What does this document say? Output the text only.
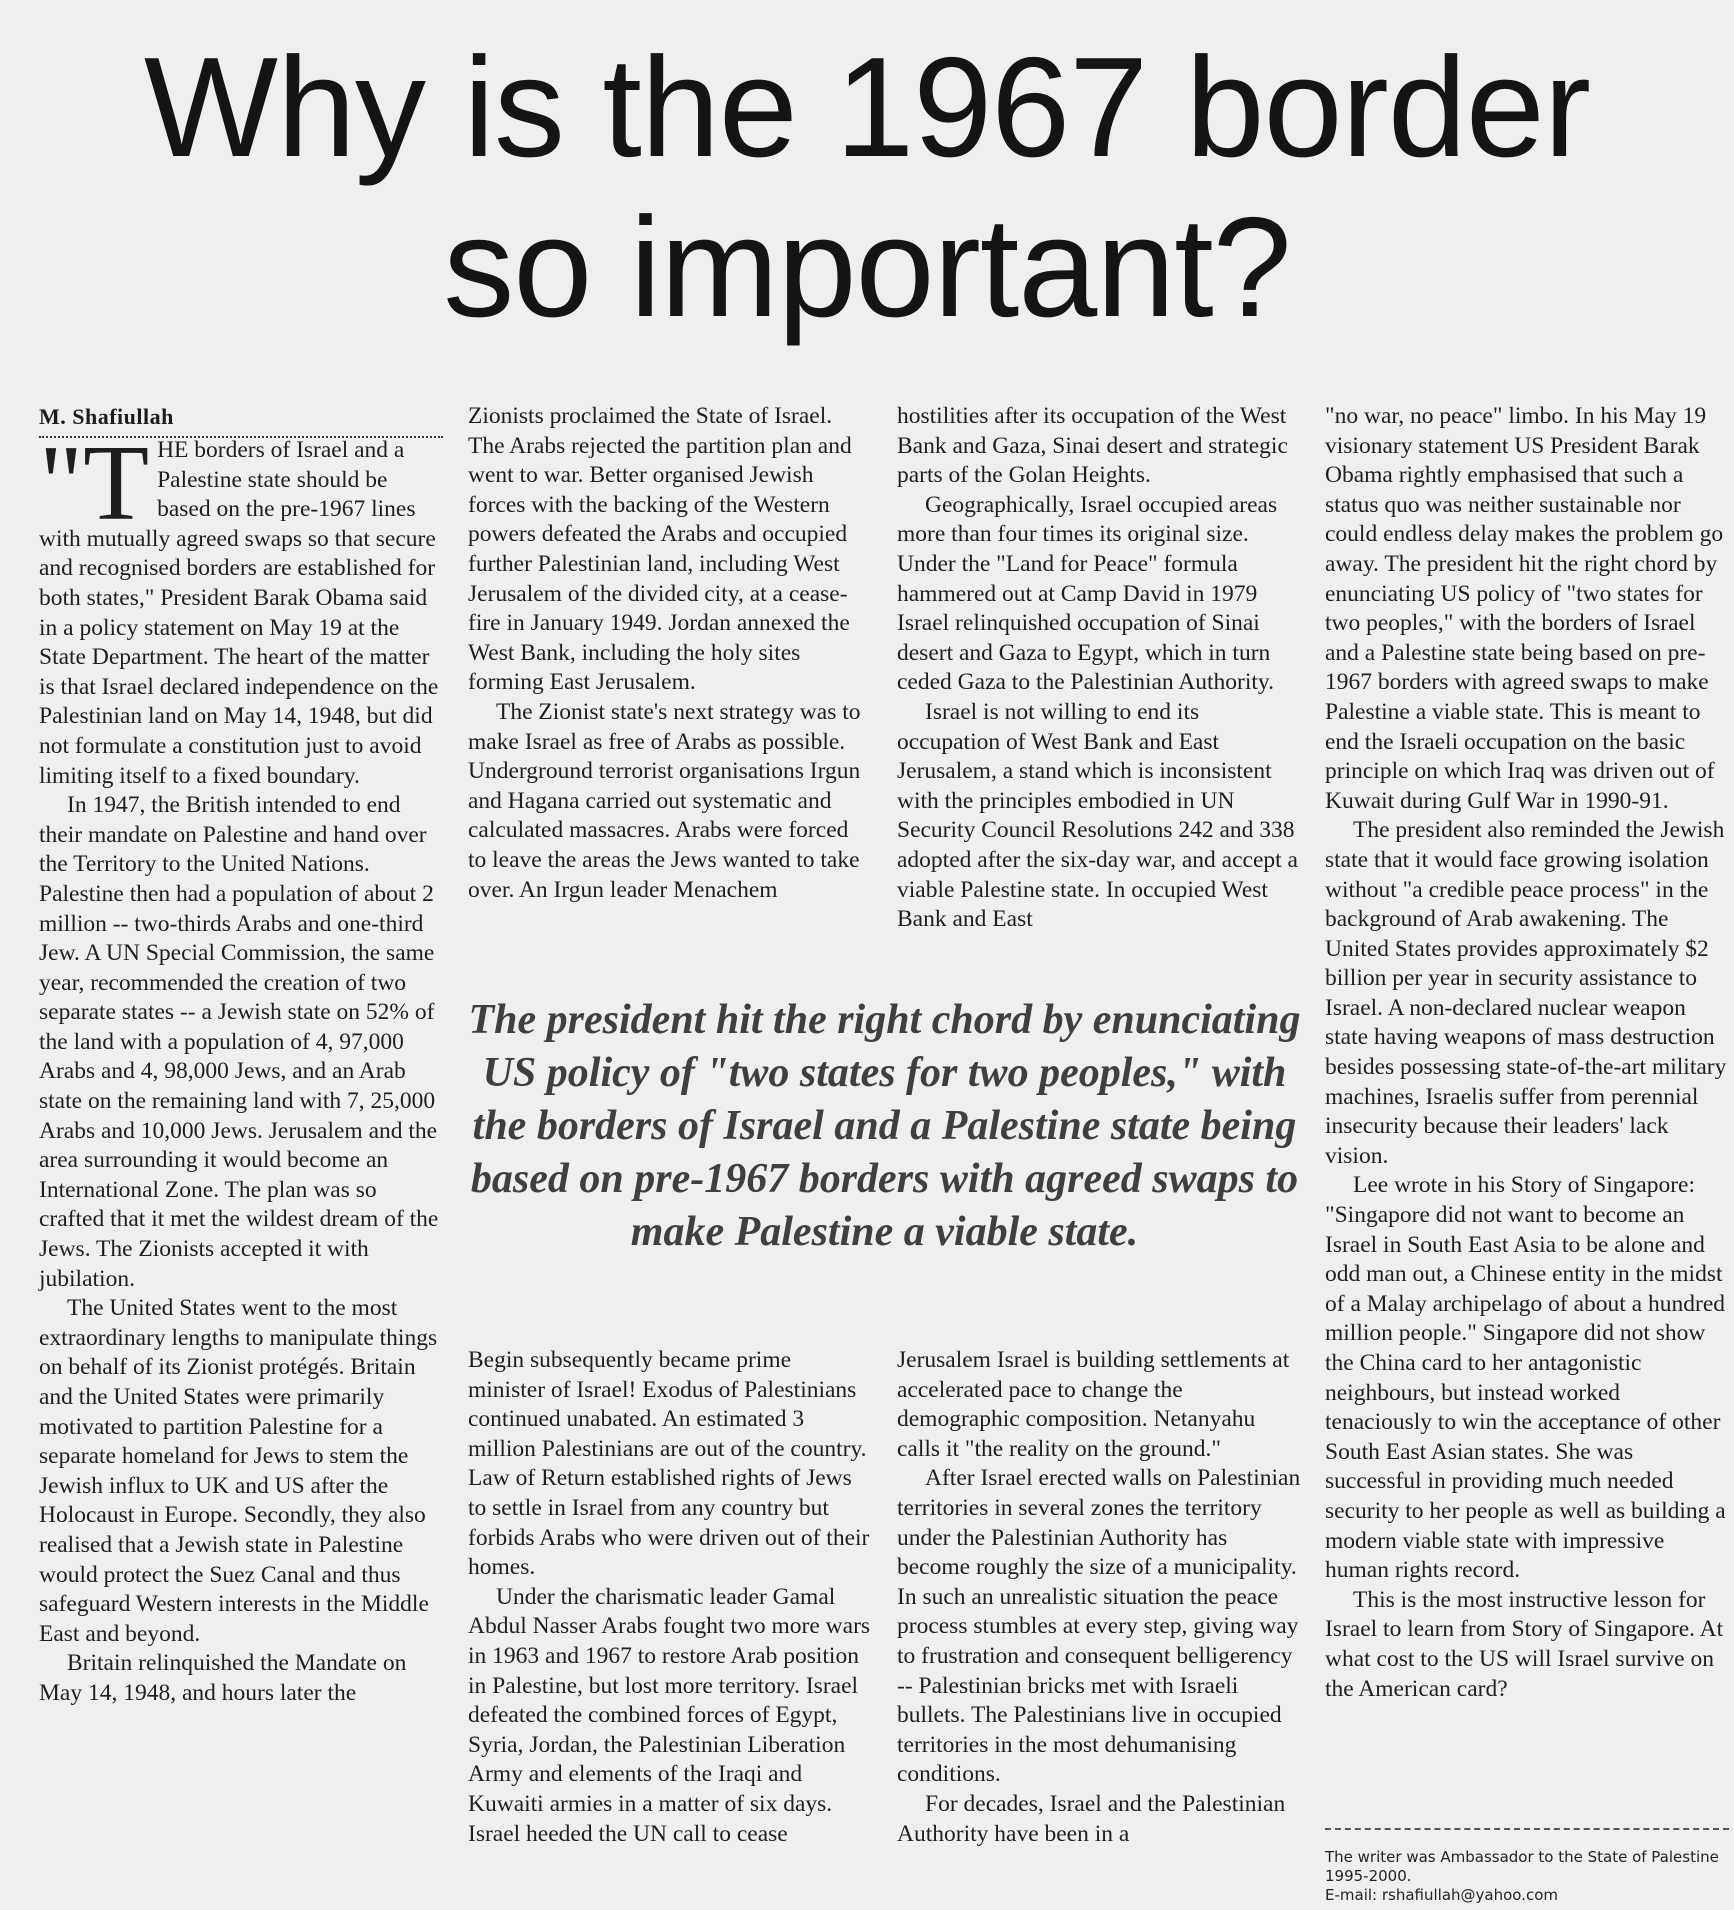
Why is the 1967 border
so important?
M. Shafiullah

"THE borders of Israel and a Palestine state should be based on the pre-1967 lines with mutually agreed swaps so that secure and recognised borders are established for both states," President Barak Obama said in a policy statement on May 19 at the State Department. The heart of the matter is that Israel declared independence on the Palestinian land on May 14, 1948, but did not formulate a constitution just to avoid limiting itself to a fixed boundary.

In 1947, the British intended to end their mandate on Palestine and hand over the Territory to the United Nations. Palestine then had a population of about 2 million -- two-thirds Arabs and one-third Jew. A UN Special Commission, the same year, recommended the creation of two separate states -- a Jewish state on 52% of the land with a population of 4, 97,000 Arabs and 4, 98,000 Jews, and an Arab state on the remaining land with 7, 25,000 Arabs and 10,000 Jews. Jerusalem and the area surrounding it would become an International Zone. The plan was so crafted that it met the wildest dream of the Jews. The Zionists accepted it with jubilation.

The United States went to the most extraordinary lengths to manipulate things on behalf of its Zionist protégés. Britain and the United States were primarily motivated to partition Palestine for a separate homeland for Jews to stem the Jewish influx to UK and US after the Holocaust in Europe. Secondly, they also realised that a Jewish state in Palestine would protect the Suez Canal and thus safeguard Western interests in the Middle East and beyond.

Britain relinquished the Mandate on May 14, 1948, and hours later the

Zionists proclaimed the State of Israel. The Arabs rejected the partition plan and went to war. Better organised Jewish forces with the backing of the Western powers defeated the Arabs and occupied further Palestinian land, including West Jerusalem of the divided city, at a cease-fire in January 1949. Jordan annexed the West Bank, including the holy sites forming East Jerusalem.

The Zionist state's next strategy was to make Israel as free of Arabs as possible. Underground terrorist organisations Irgun and Hagana carried out systematic and calculated massacres. Arabs were forced to leave the areas the Jews wanted to take over. An Irgun leader Menachem

hostilities after its occupation of the West Bank and Gaza, Sinai desert and strategic parts of the Golan Heights.

Geographically, Israel occupied areas more than four times its original size. Under the "Land for Peace" formula hammered out at Camp David in 1979 Israel relinquished occupation of Sinai desert and Gaza to Egypt, which in turn ceded Gaza to the Palestinian Authority.

Israel is not willing to end its occupation of West Bank and East Jerusalem, a stand which is inconsistent with the principles embodied in UN Security Council Resolutions 242 and 338 adopted after the six-day war, and accept a viable Palestine state. In occupied West Bank and East

The president hit the right chord by enunciating US policy of "two states for two peoples," with the borders of Israel and a Palestine state being based on pre-1967 borders with agreed swaps to make Palestine a viable state.

Begin subsequently became prime minister of Israel! Exodus of Palestinians continued unabated. An estimated 3 million Palestinians are out of the country. Law of Return established rights of Jews to settle in Israel from any country but forbids Arabs who were driven out of their homes.

Under the charismatic leader Gamal Abdul Nasser Arabs fought two more wars in 1963 and 1967 to restore Arab position in Palestine, but lost more territory. Israel defeated the combined forces of Egypt, Syria, Jordan, the Palestinian Liberation Army and elements of the Iraqi and Kuwaiti armies in a matter of six days. Israel heeded the UN call to cease

Jerusalem Israel is building settlements at accelerated pace to change the demographic composition. Netanyahu calls it "the reality on the ground."

After Israel erected walls on Palestinian territories in several zones the territory under the Palestinian Authority has become roughly the size of a municipality. In such an unrealistic situation the peace process stumbles at every step, giving way to frustration and consequent belligerency -- Palestinian bricks met with Israeli bullets. The Palestinians live in occupied territories in the most dehumanising conditions.

For decades, Israel and the Palestinian Authority have been in a

"no war, no peace" limbo. In his May 19 visionary statement US President Barak Obama rightly emphasised that such a status quo was neither sustainable nor could endless delay makes the problem go away. The president hit the right chord by enunciating US policy of "two states for two peoples," with the borders of Israel and a Palestine state being based on pre-1967 borders with agreed swaps to make Palestine a viable state. This is meant to end the Israeli occupation on the basic principle on which Iraq was driven out of Kuwait during Gulf War in 1990-91.

The president also reminded the Jewish state that it would face growing isolation without "a credible peace process" in the background of Arab awakening. The United States provides approximately $2 billion per year in security assistance to Israel. A non-declared nuclear weapon state having weapons of mass destruction besides possessing state-of-the-art military machines, Israelis suffer from perennial insecurity because their leaders' lack vision.

Lee wrote in his Story of Singapore: "Singapore did not want to become an Israel in South East Asia to be alone and odd man out, a Chinese entity in the midst of a Malay archipelago of about a hundred million people." Singapore did not show the China card to her antagonistic neighbours, but instead worked tenaciously to win the acceptance of other South East Asian states. She was successful in providing much needed security to her people as well as building a modern viable state with impressive human rights record.

This is the most instructive lesson for Israel to learn from Story of Singapore. At what cost to the US will Israel survive on the American card?

The writer was Ambassador to the State of Palestine 1995-2000.
E-mail: rshafiullah@yahoo.com
